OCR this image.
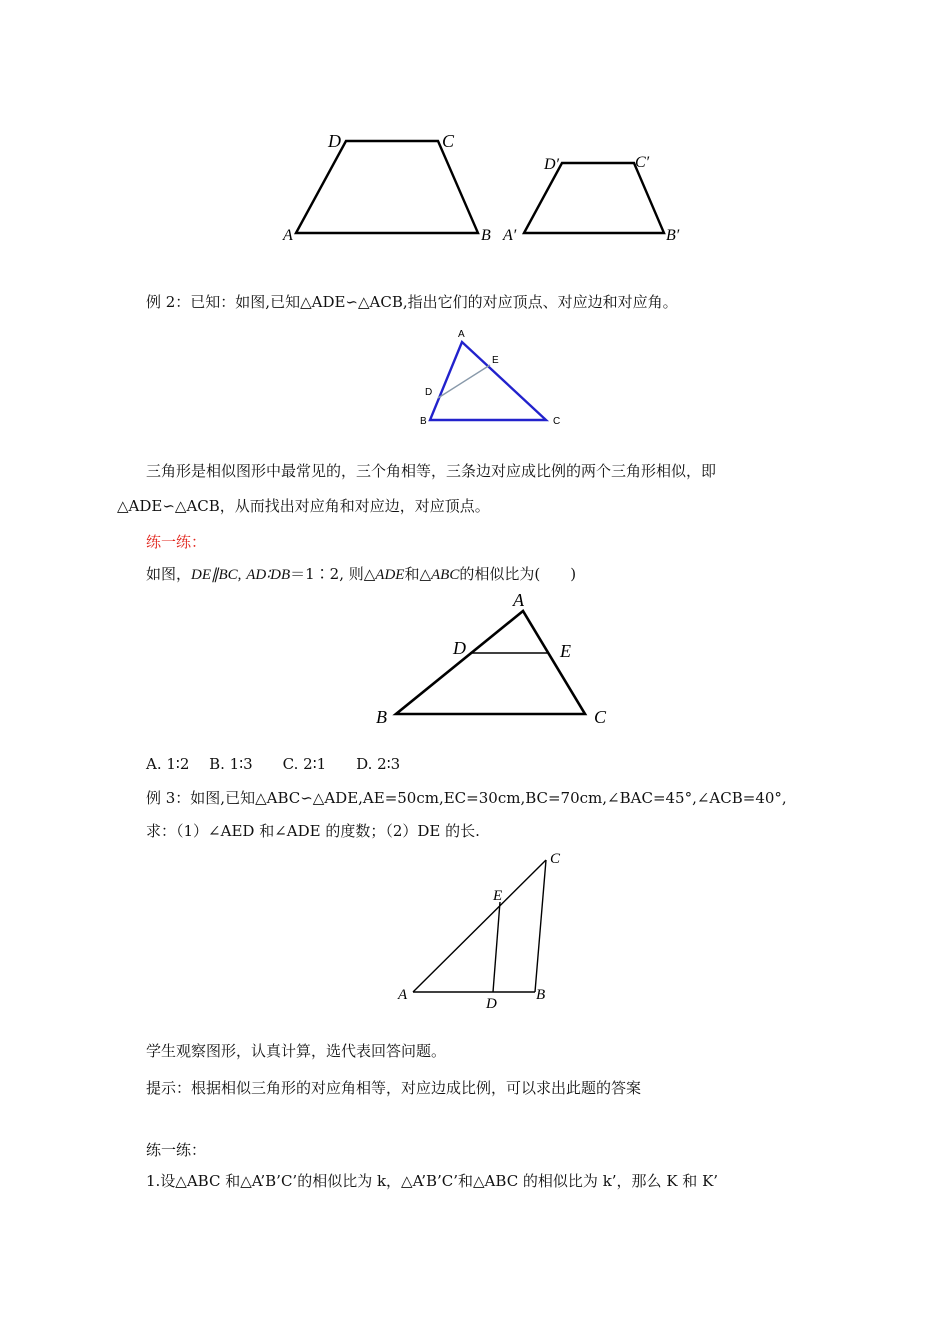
D	C
A	B
D′	C′
A′	B′

例 2：已知：如图,已知△ADE∽△ACB,指出它们的对应顶点、对应边和对应角。

A
E
D
B	C

三角形是相似图形中最常见的，三个角相等，三条边对应成比例的两个三角形相似，即

△ADE∽△ACB，从而找出对应角和对应边，对应顶点。

练一练：

如图，DE∥BC, AD∶DB＝1∶2, 则△ADE和△ABC的相似比为(　　)

A
D	E
B	C

A. 1∶2　 B. 1∶3　　C. 2∶1　　D. 2∶3

例 3：如图,已知△ABC∽△ADE,AE=50cm,EC=30cm,BC=70cm,∠BAC=45°,∠ACB=40°,

求：（1）∠AED 和∠ADE 的度数；（2）DE 的长.

C
E
A
D
B

学生观察图形，认真计算，选代表回答问题。

提示：根据相似三角形的对应角相等，对应边成比例，可以求出此题的答案

练一练：

1.设△ABC 和△A’B’C’的相似比为 k，△A’B’C’和△ABC 的相似比为 k’，那么 K 和 K’
